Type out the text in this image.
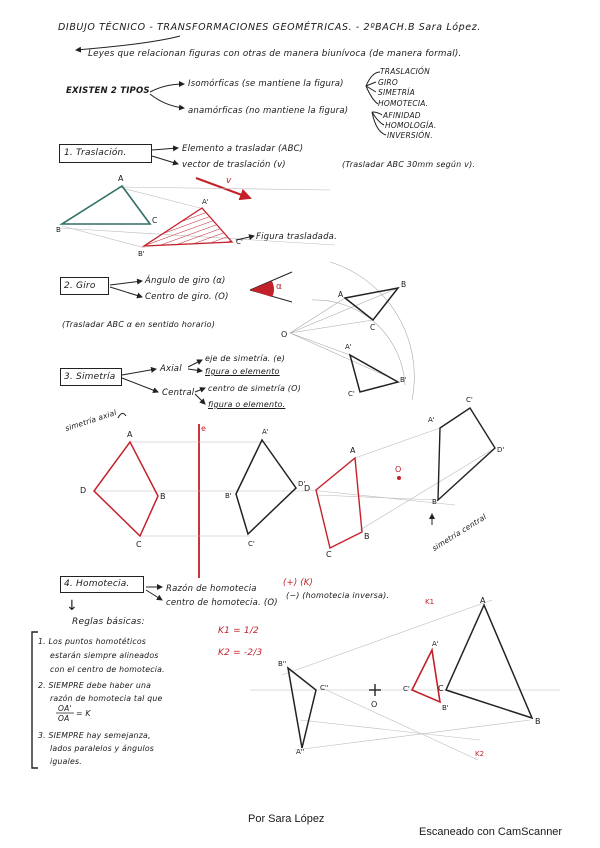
DIBUJO TÉCNICO - TRANSFORMACIONES GEOMÉTRICAS. - 2ºBACH.B Sara López.
Leyes que relacionan figuras con otras de manera biunívoca (de manera formal).
EXISTEN 2 TIPOS
Isomórficas (se mantiene la figura)
anamórficas (no mantiene la figura)
TRASLACIÓN
GIRO
SIMETRÍA
HOMOTECIA.
AFINIDAD
HOMOLOGÍA.
INVERSIÓN.
1. Traslación.	Elemento a trasladar (ABC)
vector de traslación (v)	(Trasladar ABC 30mm según v).
Figura trasladada.
2. Giro	Ángulo de giro (α)
Centro de giro. (O)
(Trasladar ABC α en sentido horario)
3. Simetría
Axial
Central
eje de simetría. (e)
figura o elemento
centro de simetría (O)
figura o elemento.
simetría axial
simetría central
4. Homotecia.	Razón de homotecia
(+) (K)
centro de homotecia. (O)
(−) (homotecia inversa).
↓
Reglas básicas:
1. Los puntos homotéticos
estarán siempre alineados
con el centro de homotecia.
2. SIEMPRE debe haber una
razón de homotecia tal que
OA'
OA
= K
3. SIEMPRE hay semejanza,
lados paralelos y ángulos
iguales.
K1 = 1/2
K2 = -2/3
Por Sara López
Escaneado con CamScanner
A
B
C
A'
B'
C'
v
α
A
B
C
O
A'
B'
C'
e
A
B
C
D
A'
B'
C'
D'
O
A
B
C
D
A'
B'
C'
D'
O
K1
K2
A
B
C
A'
B'
C'
A''
B''
C''
